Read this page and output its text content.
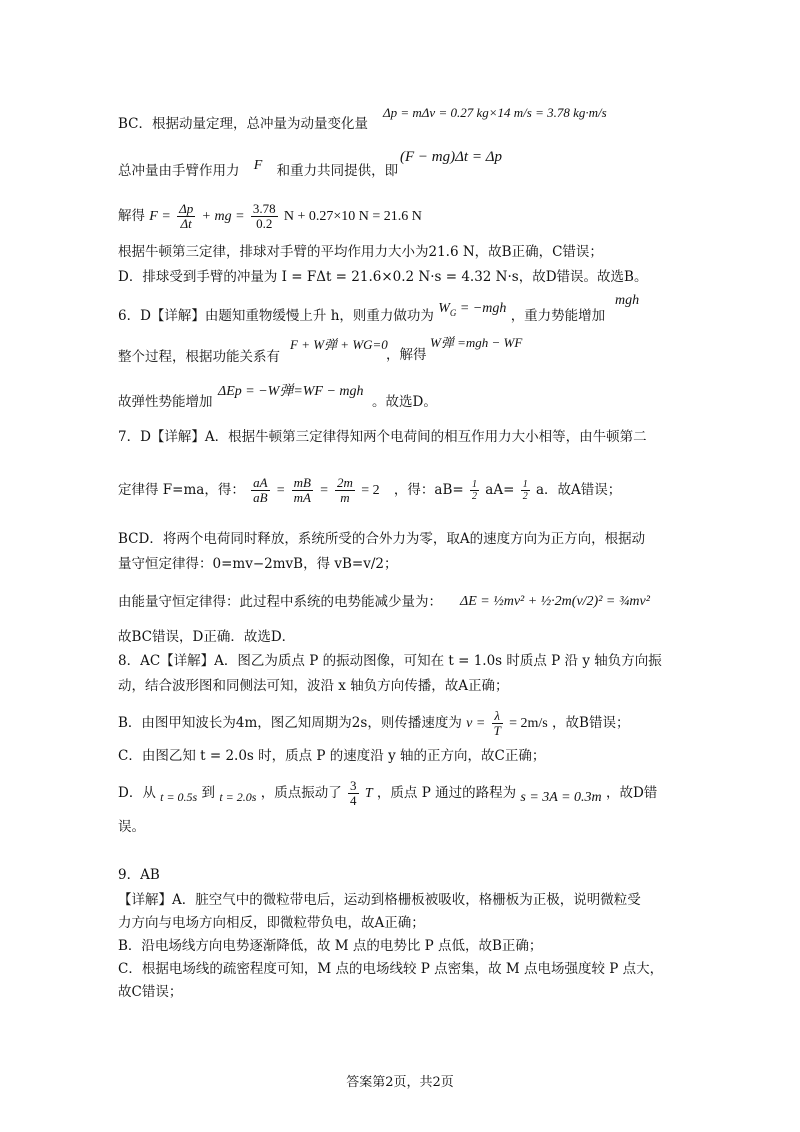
Δp = mΔv = 0.27 kg×14 m/s = 3.78 kg·m/s
BC．根据动量定理，总冲量为动量变化量
总冲量由手臂作用力 F 和重力共同提供，即
(F − mg)Δt = Δp
解得 $F = \frac{\Delta p}{\Delta t}$ + mg = $\frac{3.78}{0.2}$ N + 0.27×10 N = 21.6 N
根据牛顿第三定律，排球对手臂的平均作用力大小为21.6 N，故B正确，C错误；
D．排球受到手臂的冲量为 I = FΔt = 21.6×0.2 N·s = 4.32 N·s，故D错误。故选B。
6．D【详解】由题知重物缓慢上升 h，则重力做功为 $W_G = -mgh$ ，重力势能增加
mgh
整个过程，根据功能关系有
F + W弹 + WG=0
，解得
W弹 =mgh − WF
故弹性势能增加
ΔEp = −W弹=WF − mgh
。故选D。
7．D【详解】A．根据牛顿第三定律得知两个电荷间的相互作用力大小相等，由牛顿第二
定律得 F=ma，得： $\frac{aA}{aB} = \frac{mB}{mA} = \frac{2m}{m} = 2$ ，得：$aB= \frac{1}{2} aA= \frac{1}{2}$ a．故A错误；
BCD．将两个电荷同时释放，系统所受的合外力为零，取A的速度方向为正方向，根据动
量守恒定律得：0=mv−2mvB，得 vB=v/2；
由能量守恒定律得：此过程中系统的电势能减少量为： ΔE = ½mv² + ½·2m(v/2)² = ¾mv²
故BC错误，D正确．故选D．
8．AC【详解】A．图乙为质点 P 的振动图像，可知在 t = 1.0s 时质点 P 沿 y 轴负方向振
动，结合波形图和同侧法可知，波沿 x 轴负方向传播，故A正确；
B．由图甲知波长为4m，图乙知周期为2s，则传播速度为 $v = \frac{\lambda}{T} = 2m/s$ ，故B错误；
C．由图乙知 t = 2.0s 时，质点 P 的速度沿 y 轴的正方向，故C正确；
D．从 t = 0.5s 到 t = 2.0s ，质点振动了 $\frac{3}{4}$ T ，质点 P 通过的路程为 s = 3A = 0.3m ，故D错
误。
9．AB
【详解】A．脏空气中的微粒带电后，运动到格栅板被吸收，格栅板为正极，说明微粒受
力方向与电场方向相反，即微粒带负电，故A正确；
B．沿电场线方向电势逐渐降低，故 M 点的电势比 P 点低，故B正确；
C．根据电场线的疏密程度可知，M 点的电场线较 P 点密集，故 M 点电场强度较 P 点大，
故C错误；
答案第2页，共2页
